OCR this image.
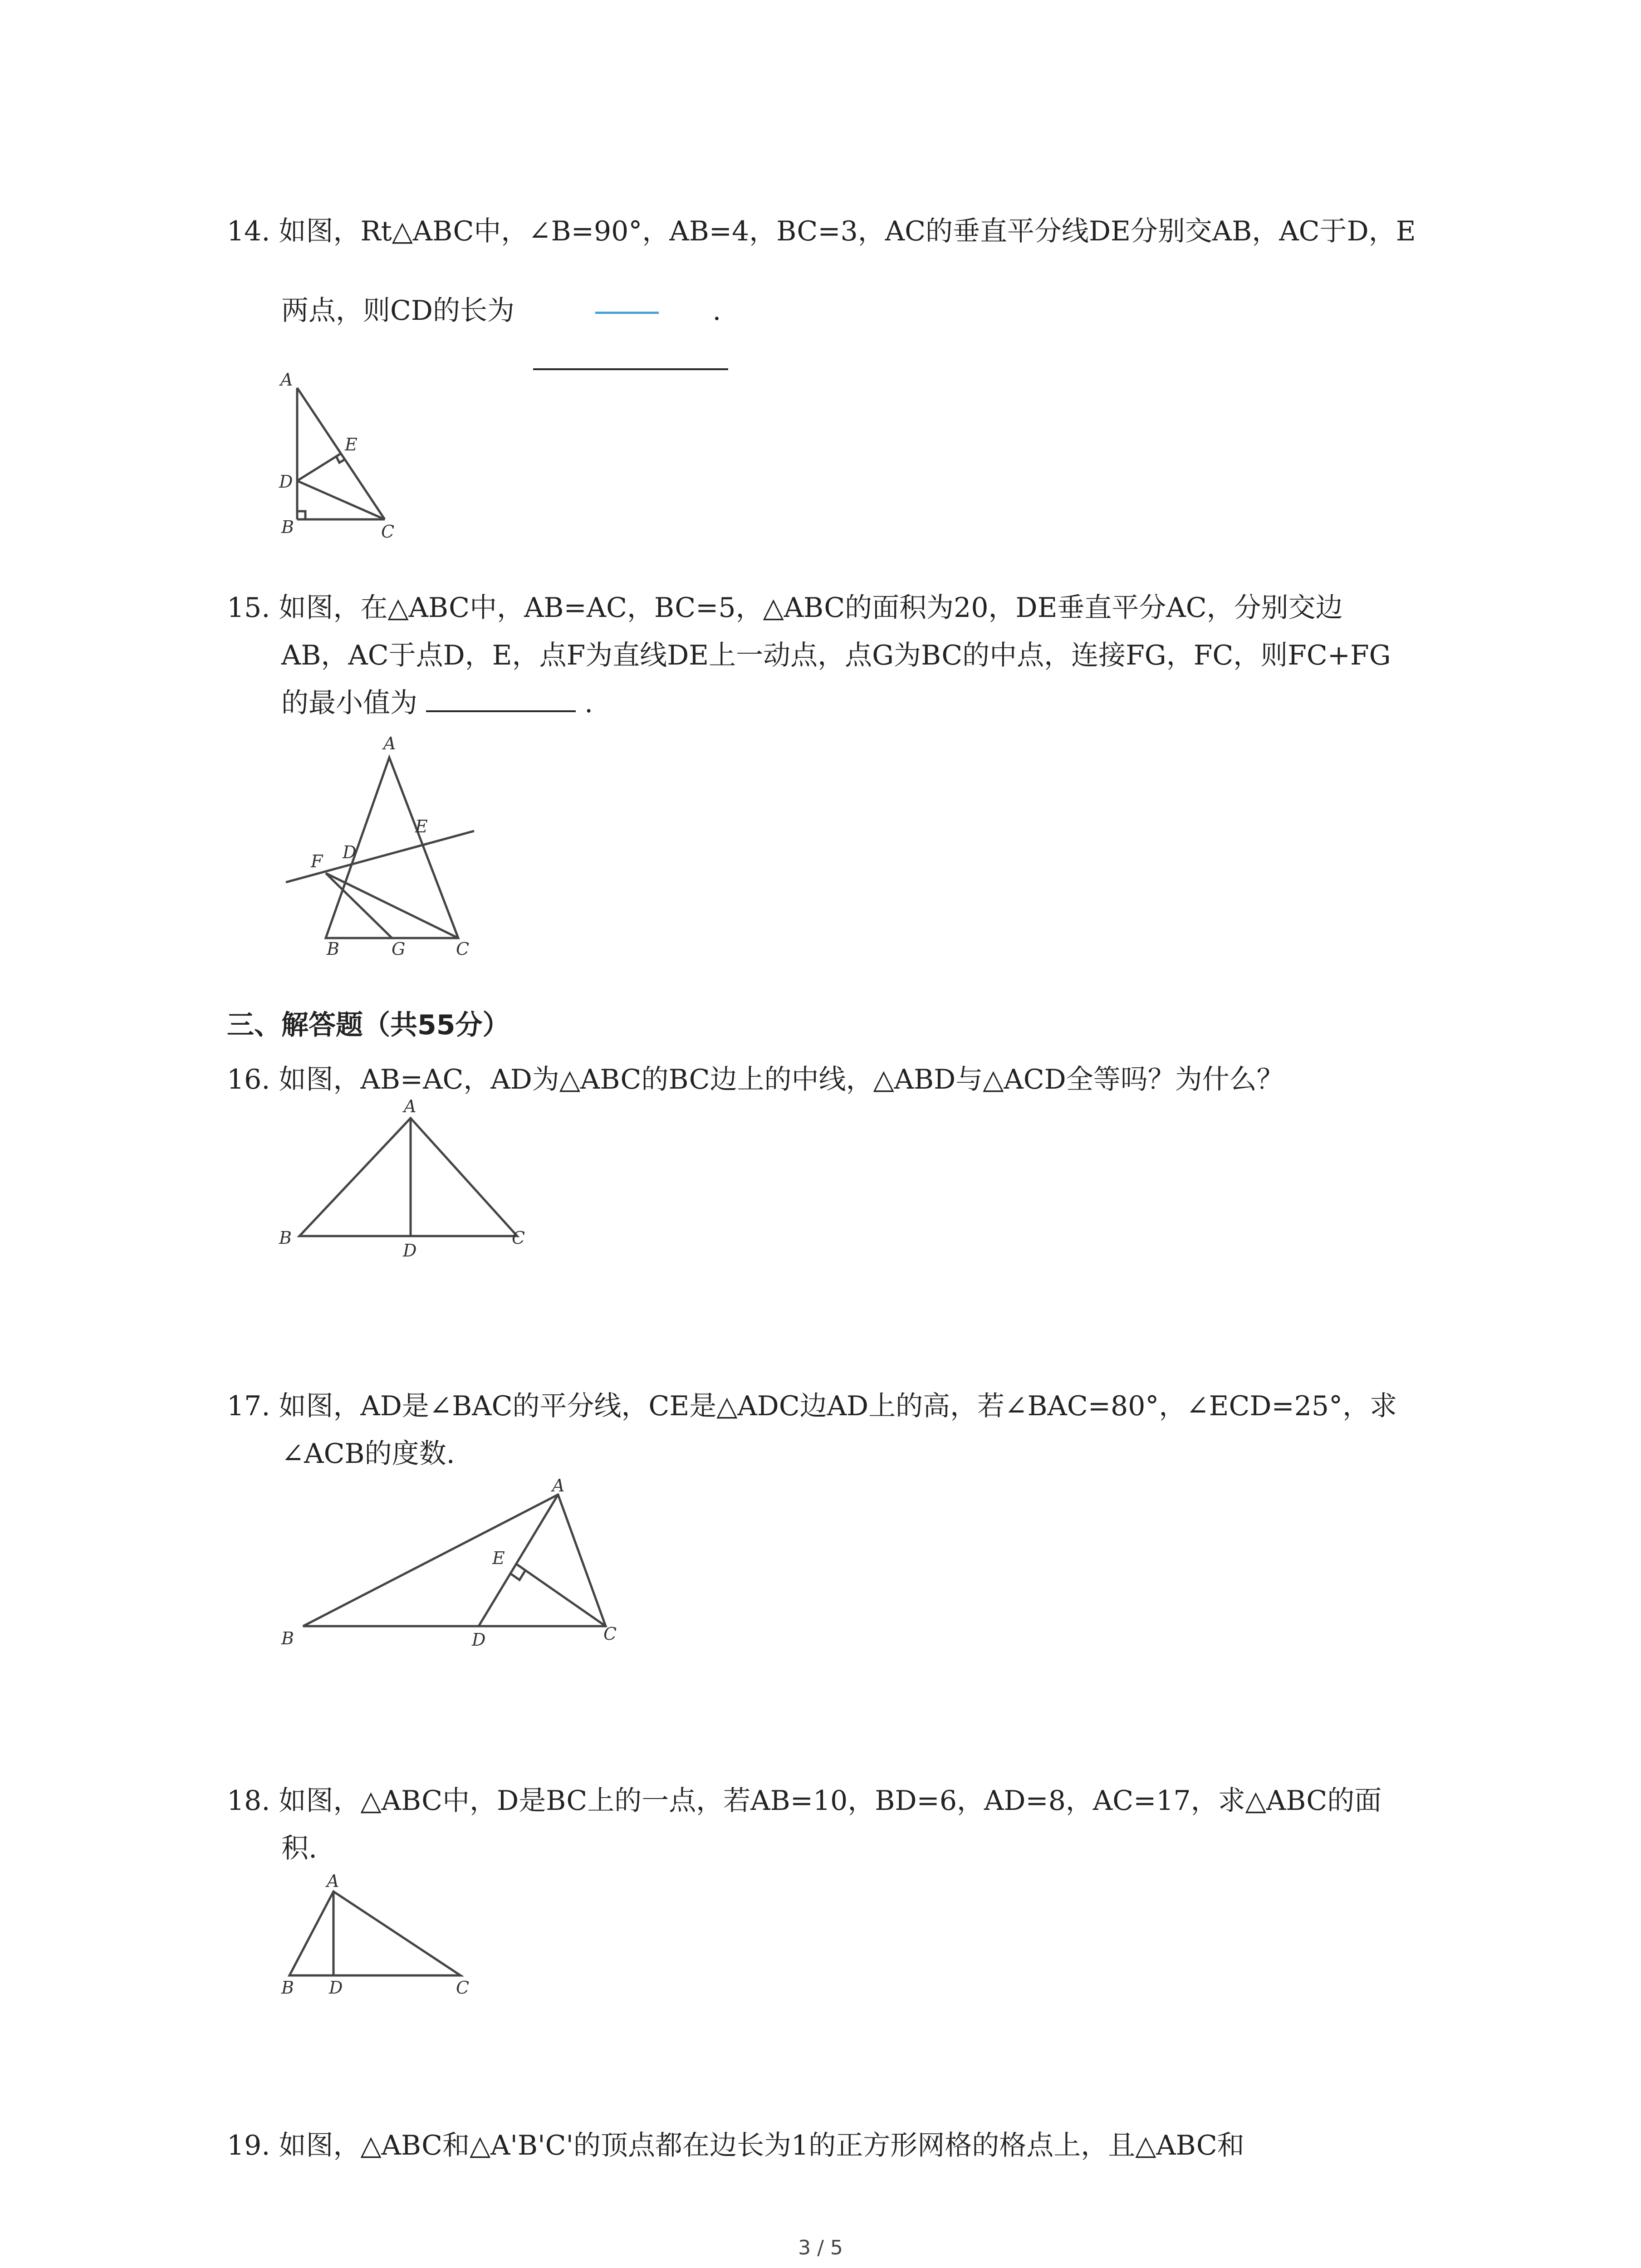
14. 如图，Rt△ABC中，∠B=90°，AB=4，BC=3，AC的垂直平分线DE分别交AB，AC于D，E
两点，则CD的长为	.
A
B	C
D
E
15. 如图，在△ABC中，AB=AC，BC=5，△ABC的面积为20，DE垂直平分AC，分别交边
AB，AC于点D，E，点F为直线DE上一动点，点G为BC的中点，连接FG，FC，则FC+FG
的最小值为	.
A
B	C
D
E
F
G
三、解答题（共55分）
16. 如图，AB=AC，AD为△ABC的BC边上的中线，△ABD与△ACD全等吗？为什么？
A
B	C
D
17. 如图，AD是∠BAC的平分线，CE是△ADC边AD上的高，若∠BAC=80°，∠ECD=25°，求
∠ACB的度数.
A
B	C
D
E
18. 如图，△ABC中，D是BC上的一点，若AB=10，BD=6，AD=8，AC=17，求△ABC的面
积.
A
B	C
D
19. 如图，△ABC和△A'B'C'的顶点都在边长为1的正方形网格的格点上，且△ABC和
3 / 5
